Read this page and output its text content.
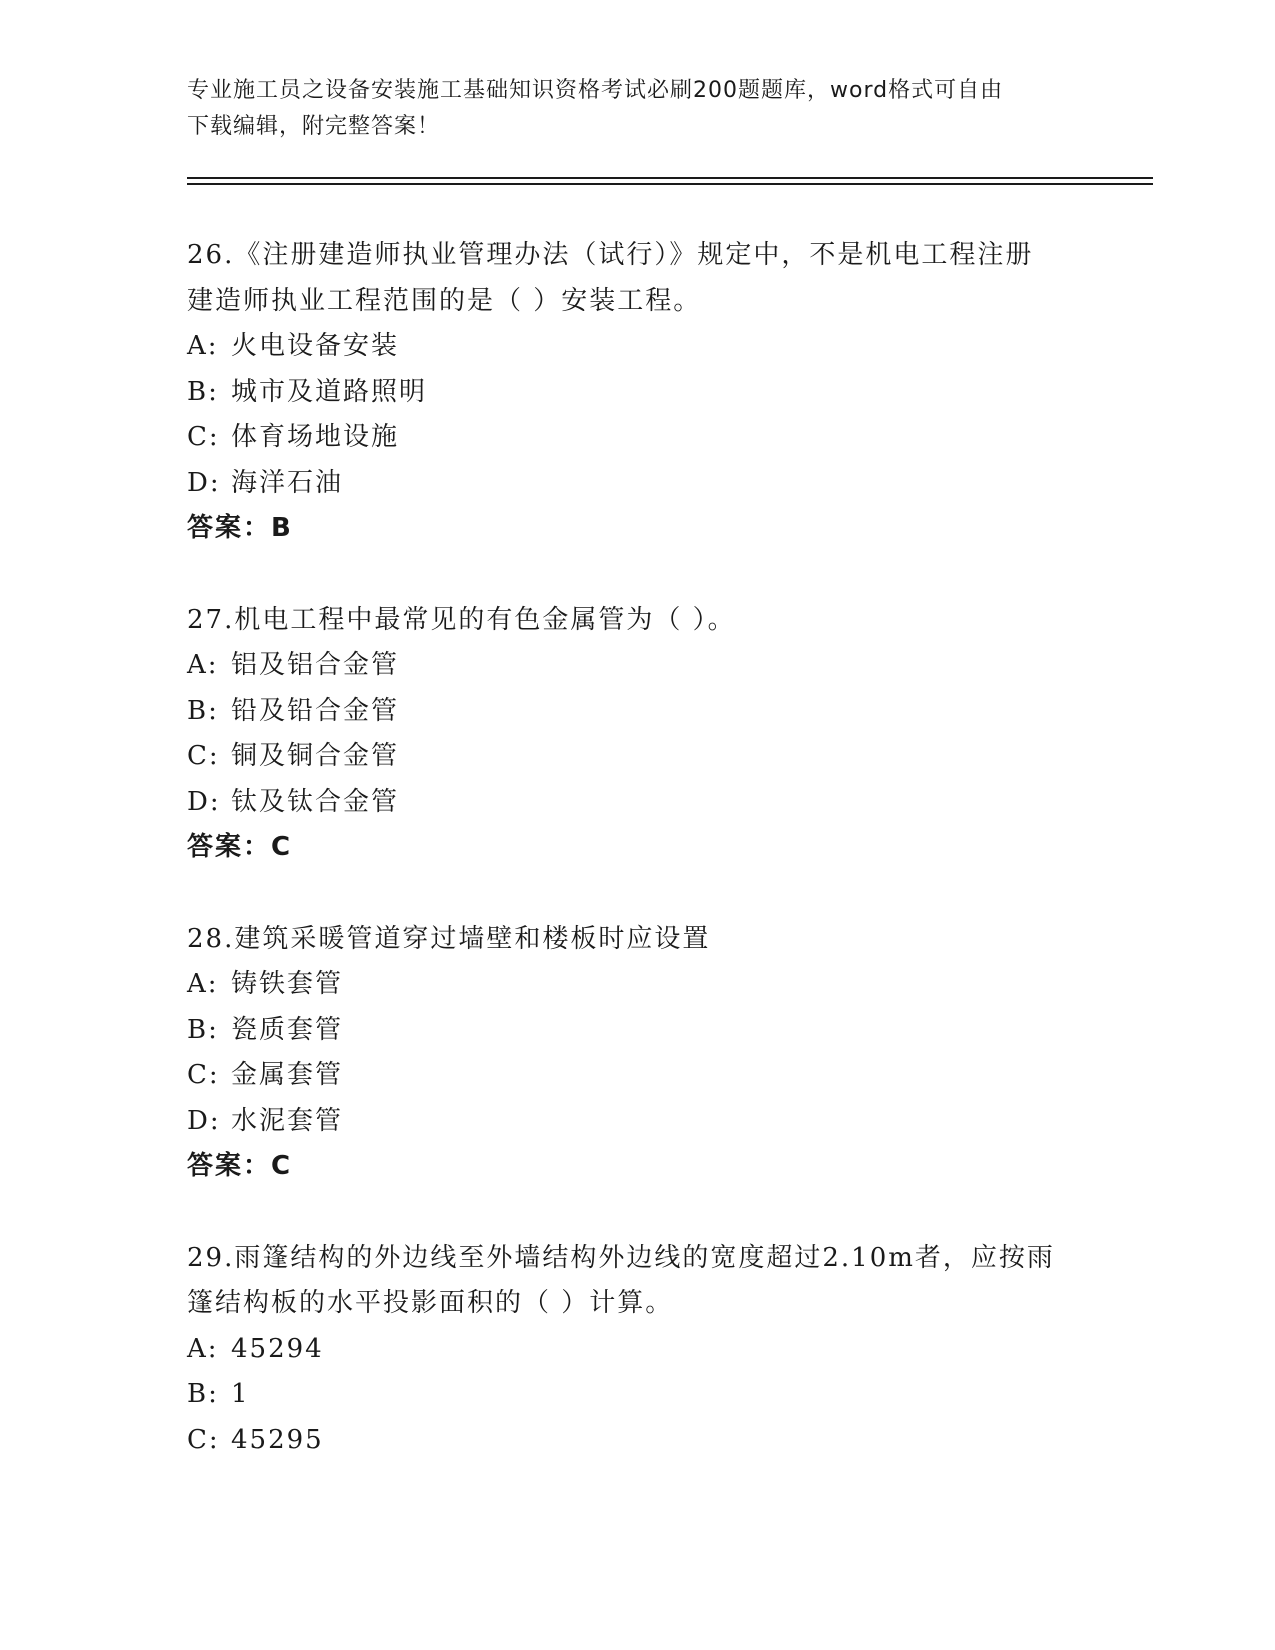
专业施工员之设备安装施工基础知识资格考试必刷200题题库，word格式可自由
下载编辑，附完整答案！
26.《注册建造师执业管理办法（试行）》规定中，不是机电工程注册
建造师执业工程范围的是（ ）安装工程。
A: 火电设备安装
B: 城市及道路照明
C: 体育场地设施
D: 海洋石油
答案：B
27.机电工程中最常见的有色金属管为（ ）。
A: 铝及铝合金管
B: 铅及铅合金管
C: 铜及铜合金管
D: 钛及钛合金管
答案：C
28.建筑采暖管道穿过墙壁和楼板时应设置
A: 铸铁套管
B: 瓷质套管
C: 金属套管
D: 水泥套管
答案：C
29.雨篷结构的外边线至外墙结构外边线的宽度超过2.10m者，应按雨
篷结构板的水平投影面积的（ ）计算。
A: 45294
B: 1
C: 45295
